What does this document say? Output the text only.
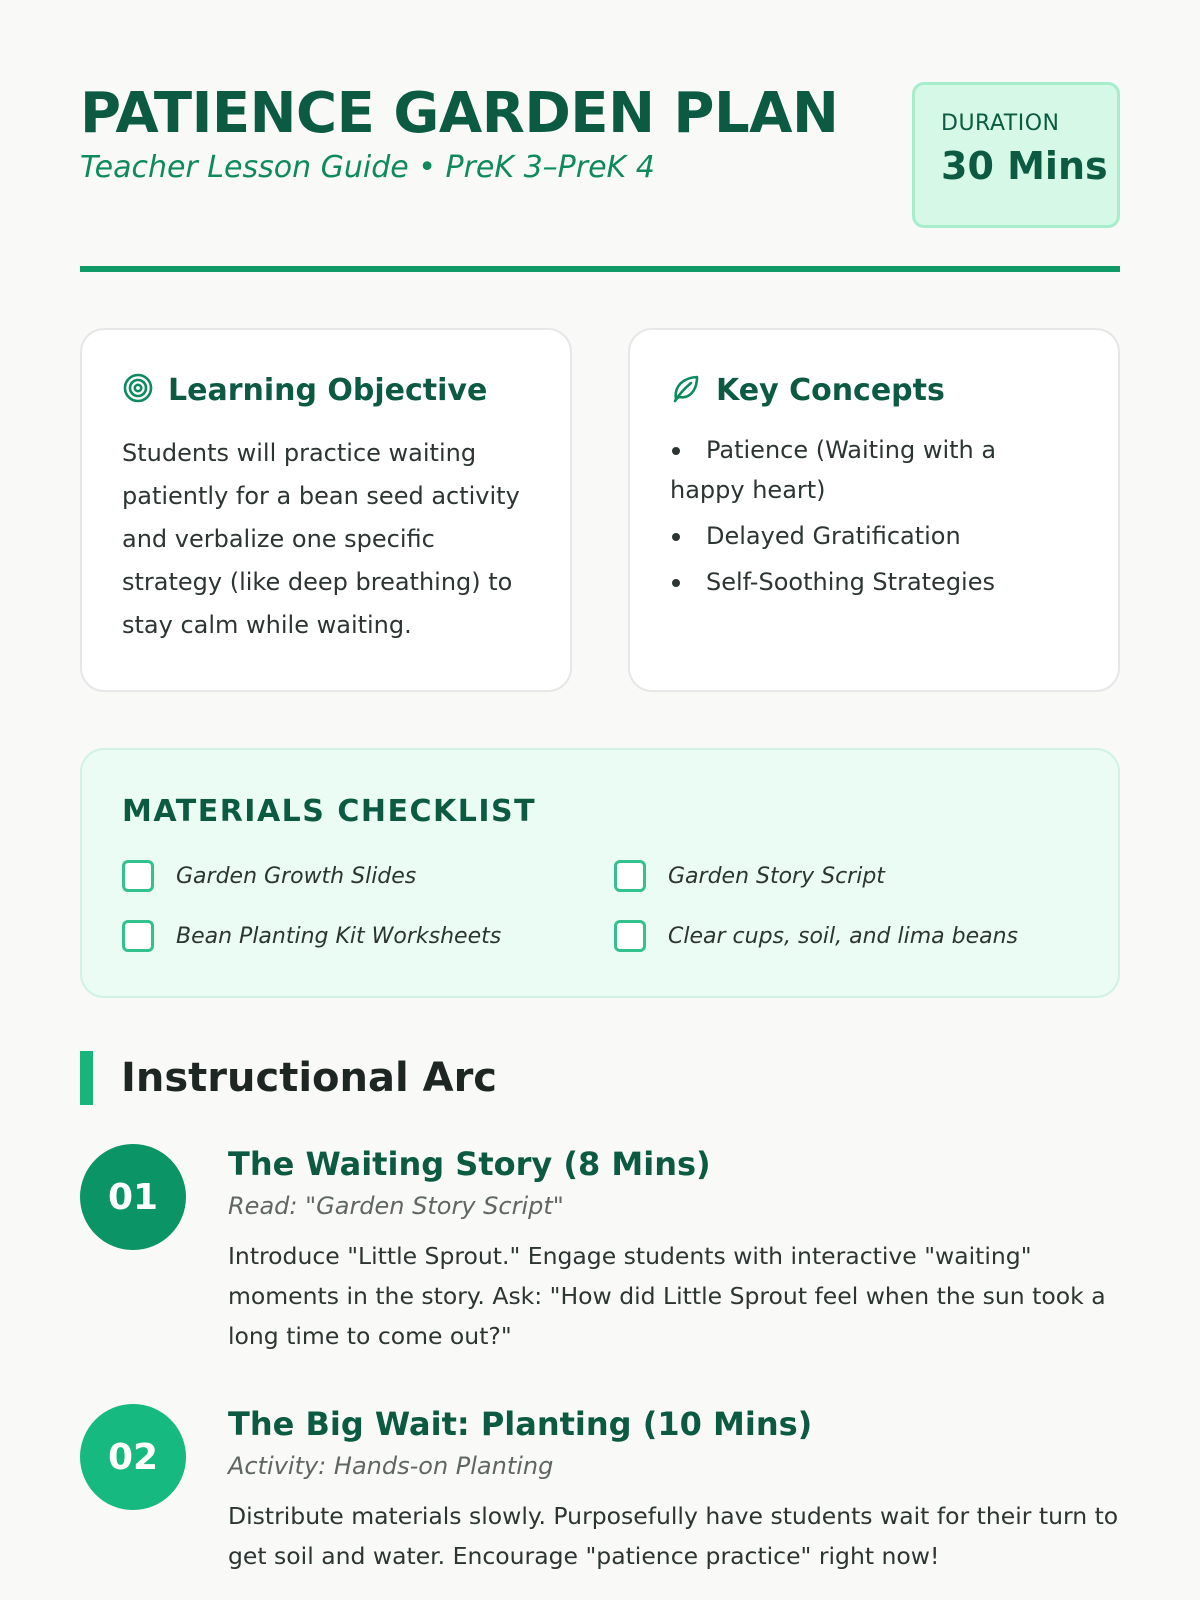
PATIENCE GARDEN PLAN
Teacher Lesson Guide • PreK 3–PreK 4
DURATION
30 Mins
Learning Objective

Students will practice waiting patiently for a bean seed activity and verbalize one specific strategy (like deep breathing) to stay calm while waiting.

Key Concepts
Patience (Waiting with a happy heart)
Delayed Gratification
Self-Soothing Strategies
MATERIALS CHECKLIST
Garden Growth Slides	Garden Story Script
Bean Planting Kit Worksheets	Clear cups, soil, and lima beans
Instructional Arc
01
The Waiting Story (8 Mins)
Read: "Garden Story Script"
Introduce "Little Sprout." Engage students with interactive "waiting" moments in the story. Ask: "How did Little Sprout feel when the sun took a long time to come out?"
02
The Big Wait: Planting (10 Mins)
Activity: Hands-on Planting
Distribute materials slowly. Purposefully have students wait for their turn to get soil and water. Encourage "patience practice" right now!
